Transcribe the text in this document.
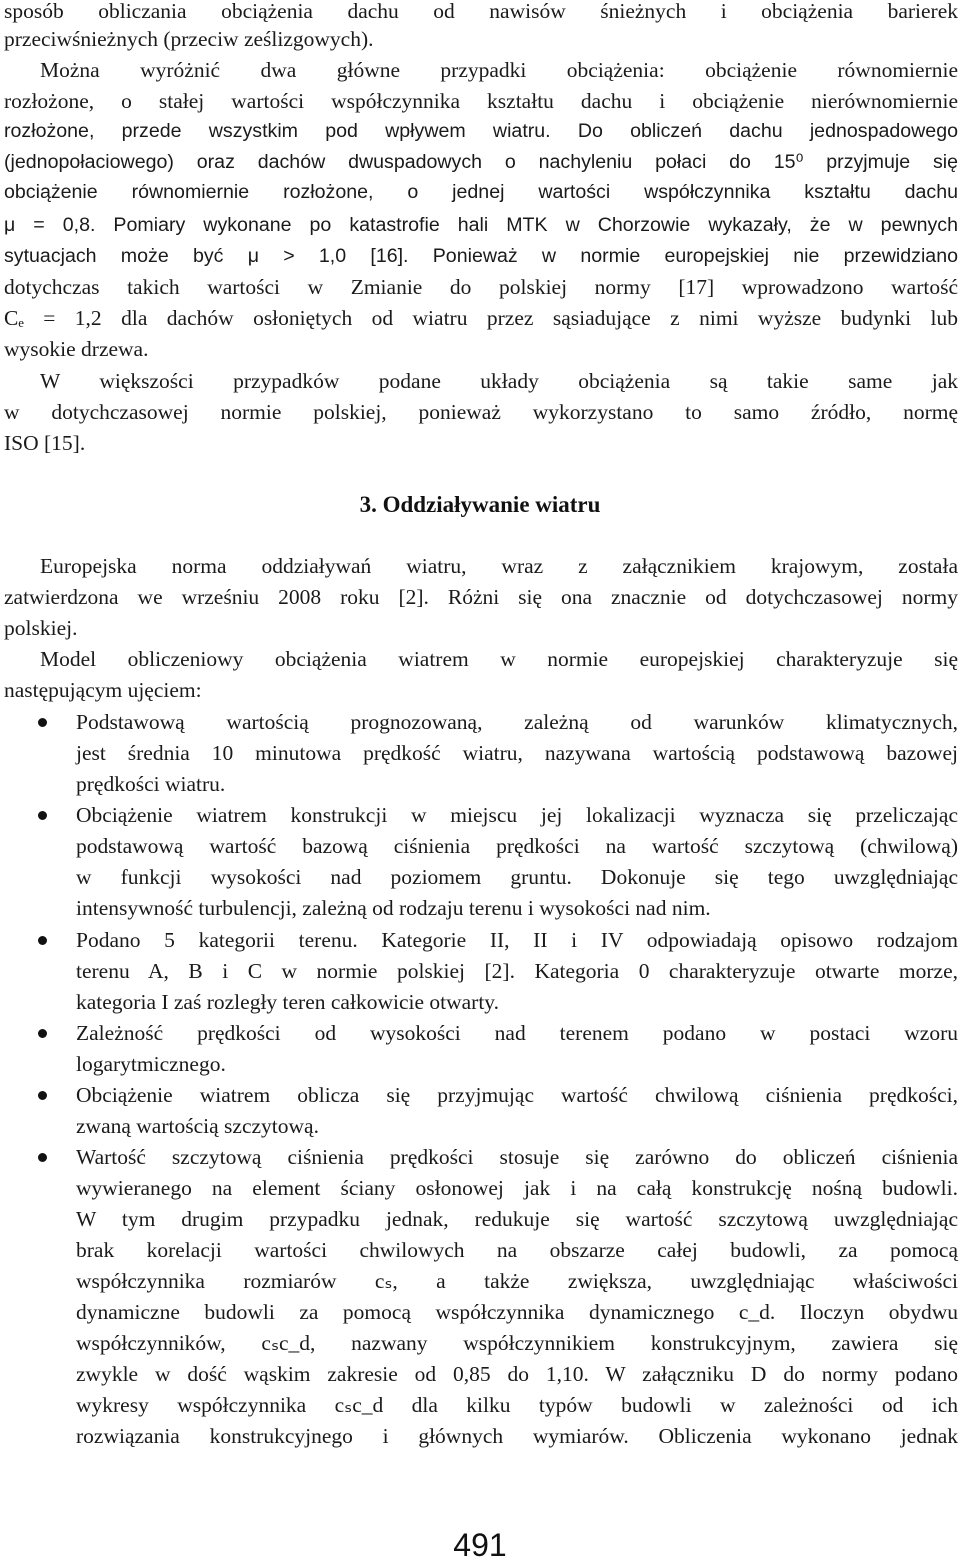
sposób obliczania obciążenia dachu od nawisów śnieżnych i obciążenia barierek
przeciwśnieżnych (przeciw ześlizgowych).
Można wyróżnić dwa główne przypadki obciążenia: obciążenie równomiernie
rozłożone, o stałej wartości współczynnika kształtu dachu i obciążenie nierównomiernie
rozłożone, przede wszystkim pod wpływem wiatru. Do obliczeń dachu jednospadowego
(jednopołaciowego) oraz dachów dwuspadowych o nachyleniu połaci do 15⁰ przyjmuje się
obciążenie równomiernie rozłożone, o jednej wartości współczynnika kształtu dachu
μ = 0,8. Pomiary wykonane po katastrofie hali MTK w Chorzowie wykazały, że w pewnych
sytuacjach może być μ > 1,0 [16]. Ponieważ w normie europejskiej nie przewidziano
dotychczas takich wartości w Zmianie do polskiej normy [17] wprowadzono wartość
Cₑ = 1,2 dla dachów osłoniętych od wiatru przez sąsiadujące z nimi wyższe budynki lub
wysokie drzewa.
W większości przypadków podane układy obciążenia są takie same jak
w dotychczasowej normie polskiej, ponieważ wykorzystano to samo źródło, normę
ISO [15].
3. Oddziaływanie wiatru
Europejska norma oddziaływań wiatru, wraz z załącznikiem krajowym, została
zatwierdzona we wrześniu 2008 roku [2]. Różni się ona znacznie od dotychczasowej normy
polskiej.
Model obliczeniowy obciążenia wiatrem w normie europejskiej charakteryzuje się
następującym ujęciem:
Podstawową wartością prognozowaną, zależną od warunków klimatycznych,
jest średnia 10 minutowa prędkość wiatru, nazywana wartością podstawową bazowej
prędkości wiatru.
Obciążenie wiatrem konstrukcji w miejscu jej lokalizacji wyznacza się przeliczając
podstawową wartość bazową ciśnienia prędkości na wartość szczytową (chwilową)
w funkcji wysokości nad poziomem gruntu. Dokonuje się tego uwzględniając
intensywność turbulencji, zależną od rodzaju terenu i wysokości nad nim.
Podano 5 kategorii terenu. Kategorie II, II i IV odpowiadają opisowo rodzajom
terenu A, B i C w normie polskiej [2]. Kategoria 0 charakteryzuje otwarte morze,
kategoria I zaś rozległy teren całkowicie otwarty.
Zależność prędkości od wysokości nad terenem podano w postaci wzoru
logarytmicznego.
Obciążenie wiatrem oblicza się przyjmując wartość chwilową ciśnienia prędkości,
zwaną wartością szczytową.
Wartość szczytową ciśnienia prędkości stosuje się zarówno do obliczeń ciśnienia
wywieranego na element ściany osłonowej jak i na całą konstrukcję nośną budowli.
W tym drugim przypadku jednak, redukuje się wartość szczytową uwzględniając
brak korelacji wartości chwilowych na obszarze całej budowli, za pomocą
współczynnika rozmiarów cₛ, a także zwiększa, uwzględniając właściwości
dynamiczne budowli za pomocą współczynnika dynamicznego c_d. Iloczyn obydwu
współczynników, cₛc_d, nazwany współczynnikiem konstrukcyjnym, zawiera się
zwykle w dość wąskim zakresie od 0,85 do 1,10. W załączniku D do normy podano
wykresy współczynnika cₛc_d dla kilku typów budowli w zależności od ich
rozwiązania konstrukcyjnego i głównych wymiarów. Obliczenia wykonano jednak
491
